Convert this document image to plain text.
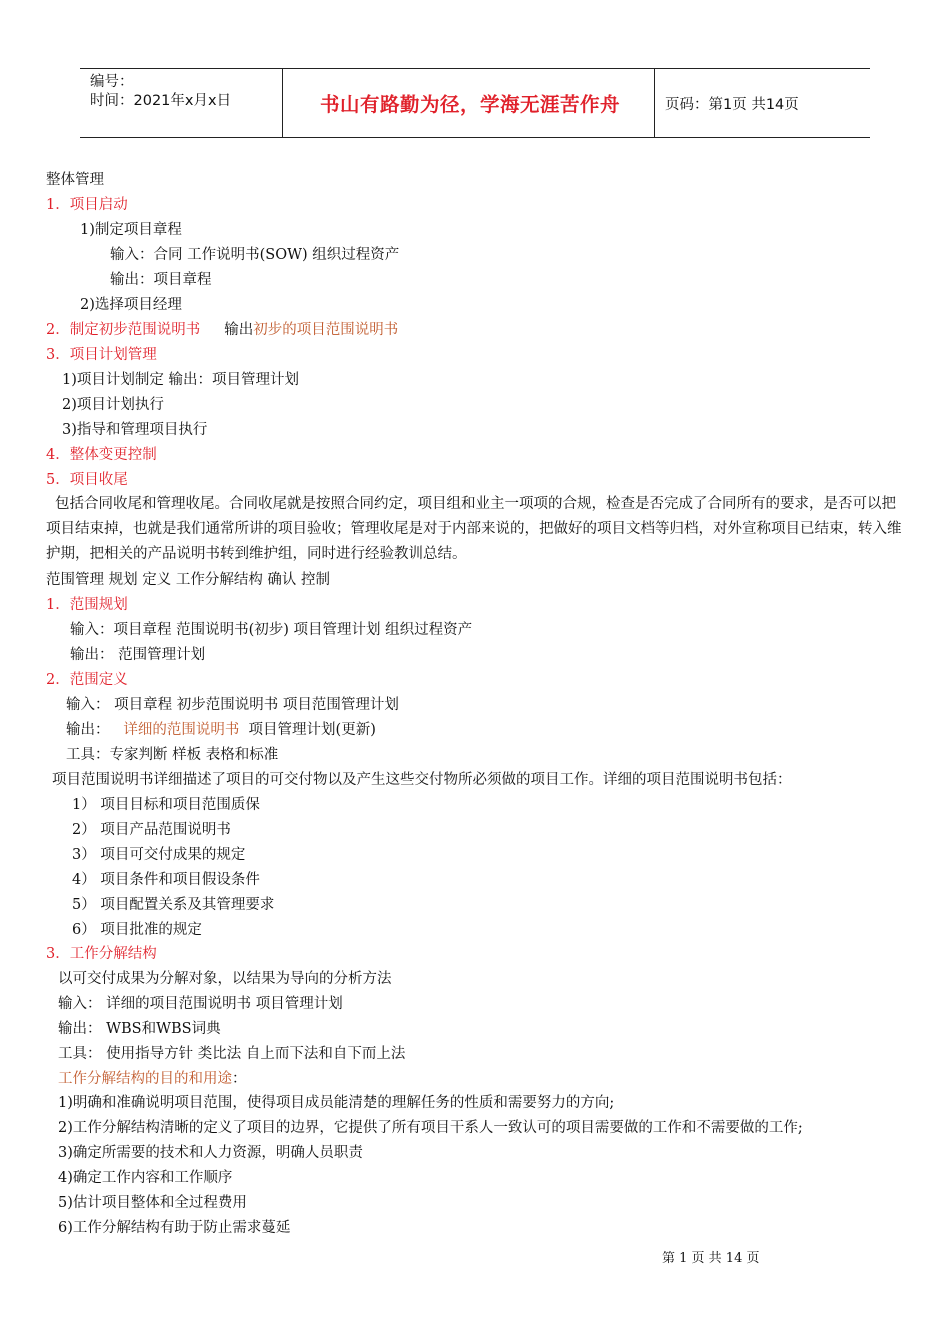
编号：
时间：2021年x月x日	书山有路勤为径，学海无涯苦作舟	页码：第1页 共14页
整体管理
1．项目启动
1)制定项目章程
输入：合同 工作说明书(SOW) 组织过程资产
输出：项目章程
2)选择项目经理
2．制定初步范围说明书 输出初步的项目范围说明书
3．项目计划管理
1)项目计划制定 输出：项目管理计划
2)项目计划执行
3)指导和管理项目执行
4．整体变更控制
5．项目收尾
包括合同收尾和管理收尾。合同收尾就是按照合同约定，项目组和业主一项项的合规，检查是否完成了合同所有的要求，是否可以把项目结束掉，也就是我们通常所讲的项目验收；管理收尾是对于内部来说的，把做好的项目文档等归档，对外宣称项目已结束，转入维护期，把相关的产品说明书转到维护组，同时进行经验教训总结。
范围管理 规划 定义 工作分解结构 确认 控制
1．范围规划
输入：项目章程 范围说明书(初步) 项目管理计划 组织过程资产
输出： 范围管理计划
2．范围定义
输入： 项目章程 初步范围说明书 项目范围管理计划
输出：   详细的范围说明书  项目管理计划(更新)
工具：专家判断 样板 表格和标准
项目范围说明书详细描述了项目的可交付物以及产生这些交付物所必须做的项目工作。详细的项目范围说明书包括：
1） 项目目标和项目范围质保
2） 项目产品范围说明书
3） 项目可交付成果的规定
4） 项目条件和项目假设条件
5） 项目配置关系及其管理要求
6） 项目批准的规定
3．工作分解结构
以可交付成果为分解对象，以结果为导向的分析方法
输入： 详细的项目范围说明书 项目管理计划
输出： WBS和WBS词典
工具： 使用指导方针 类比法 自上而下法和自下而上法
工作分解结构的目的和用途：
1)明确和准确说明项目范围，使得项目成员能清楚的理解任务的性质和需要努力的方向;
2)工作分解结构清晰的定义了项目的边界，它提供了所有项目干系人一致认可的项目需要做的工作和不需要做的工作;
3)确定所需要的技术和人力资源，明确人员职责
4)确定工作内容和工作顺序
5)估计项目整体和全过程费用
6)工作分解结构有助于防止需求蔓延
第 1 页 共 14 页
